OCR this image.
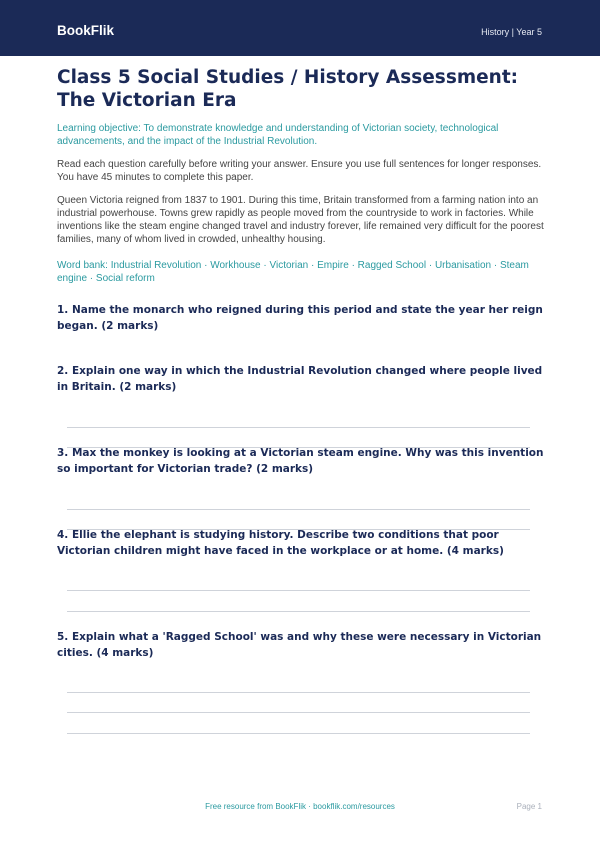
BookFlik	History | Year 5
Class 5 Social Studies / History Assessment: The Victorian Era

Learning objective: To demonstrate knowledge and understanding of Victorian society, technological advancements, and the impact of the Industrial Revolution.

Read each question carefully before writing your answer. Ensure you use full sentences for longer responses. You have 45 minutes to complete this paper.

Queen Victoria reigned from 1837 to 1901. During this time, Britain transformed from a farming nation into an industrial powerhouse. Towns grew rapidly as people moved from the countryside to work in factories. While inventions like the steam engine changed travel and industry forever, life remained very difficult for the poorest families, many of whom lived in crowded, unhealthy housing.

Word bank: Industrial Revolution · Workhouse · Victorian · Empire · Ragged School · Urbanisation · Steam engine · Social reform

1. Name the monarch who reigned during this period and state the year her reign began. (2 marks)

2. Explain one way in which the Industrial Revolution changed where people lived in Britain. (2 marks)

3. Max the monkey is looking at a Victorian steam engine. Why was this invention so important for Victorian trade? (2 marks)

4. Ellie the elephant is studying history. Describe two conditions that poor Victorian children might have faced in the workplace or at home. (4 marks)

5. Explain what a 'Ragged School' was and why these were necessary in Victorian cities. (4 marks)

Free resource from BookFlik · bookflik.com/resources	Page 1
